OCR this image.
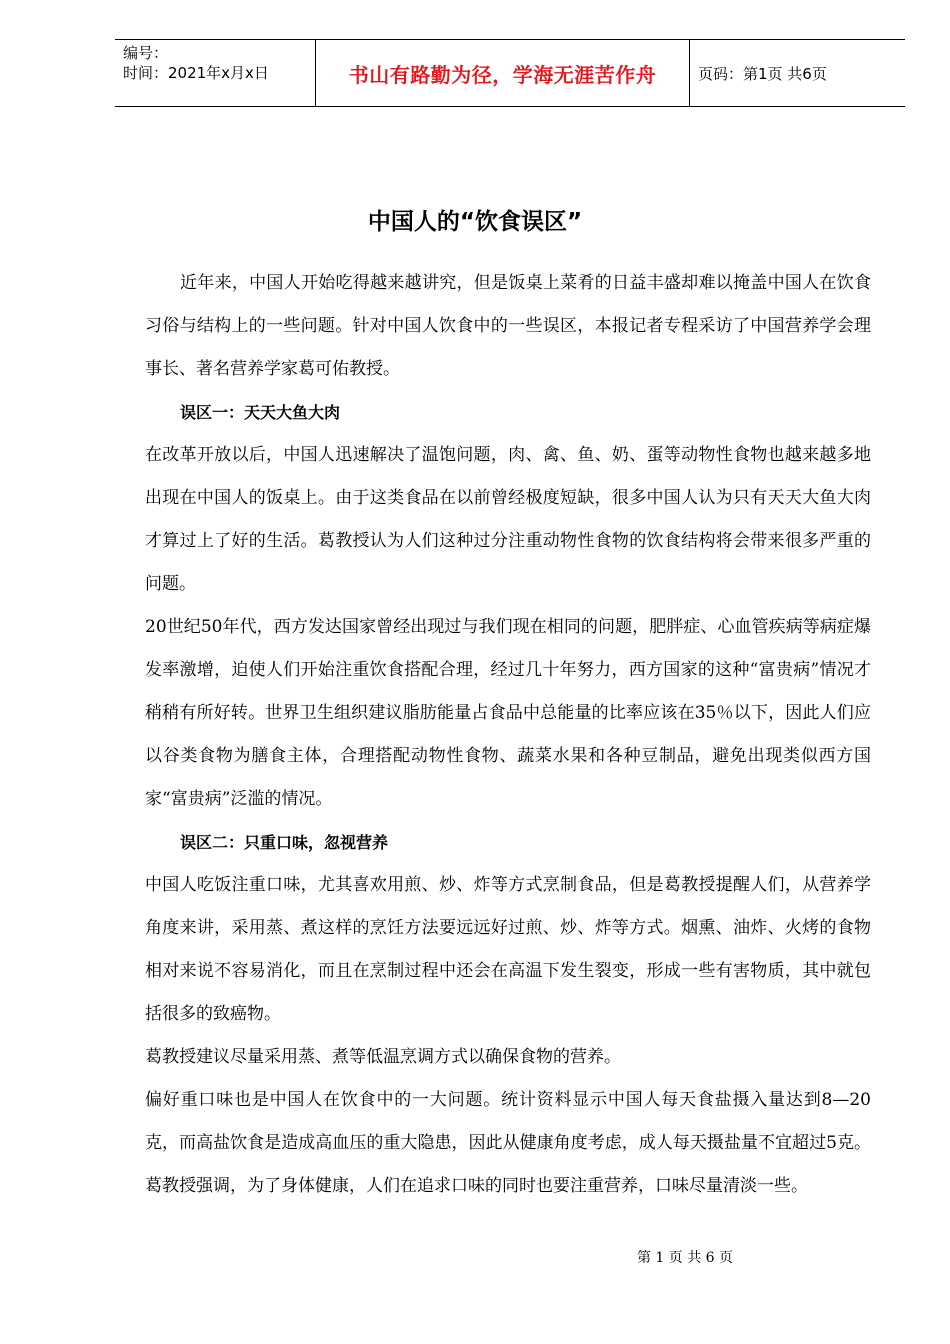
编号：
时间：2021年x月x日	书山有路勤为径，学海无涯苦作舟	页码：第1页 共6页
中国人的“饮食误区”

近年来，中国人开始吃得越来越讲究，但是饭桌上菜肴的日益丰盛却难以掩盖中国人在饮食习俗与结构上的一些问题。针对中国人饮食中的一些误区，本报记者专程采访了中国营养学会理事长、著名营养学家葛可佑教授。

误区一：天天大鱼大肉

在改革开放以后，中国人迅速解决了温饱问题，肉、禽、鱼、奶、蛋等动物性食物也越来越多地出现在中国人的饭桌上。由于这类食品在以前曾经极度短缺，很多中国人认为只有天天大鱼大肉才算过上了好的生活。葛教授认为人们这种过分注重动物性食物的饮食结构将会带来很多严重的问题。

20世纪50年代，西方发达国家曾经出现过与我们现在相同的问题，肥胖症、心血管疾病等病症爆发率激增，迫使人们开始注重饮食搭配合理，经过几十年努力，西方国家的这种“富贵病”情况才稍稍有所好转。世界卫生组织建议脂肪能量占食品中总能量的比率应该在35％以下，因此人们应以谷类食物为膳食主体，合理搭配动物性食物、蔬菜水果和各种豆制品，避免出现类似西方国家“富贵病”泛滥的情况。

误区二：只重口味，忽视营养

中国人吃饭注重口味，尤其喜欢用煎、炒、炸等方式烹制食品，但是葛教授提醒人们，从营养学角度来讲，采用蒸、煮这样的烹饪方法要远远好过煎、炒、炸等方式。烟熏、油炸、火烤的食物相对来说不容易消化，而且在烹制过程中还会在高温下发生裂变，形成一些有害物质，其中就包括很多的致癌物。

葛教授建议尽量采用蒸、煮等低温烹调方式以确保食物的营养。

偏好重口味也是中国人在饮食中的一大问题。统计资料显示中国人每天食盐摄入量达到8—20克，而高盐饮食是造成高血压的重大隐患，因此从健康角度考虑，成人每天摄盐量不宜超过5克。葛教授强调，为了身体健康，人们在追求口味的同时也要注重营养，口味尽量清淡一些。

第 1 页 共 6 页
